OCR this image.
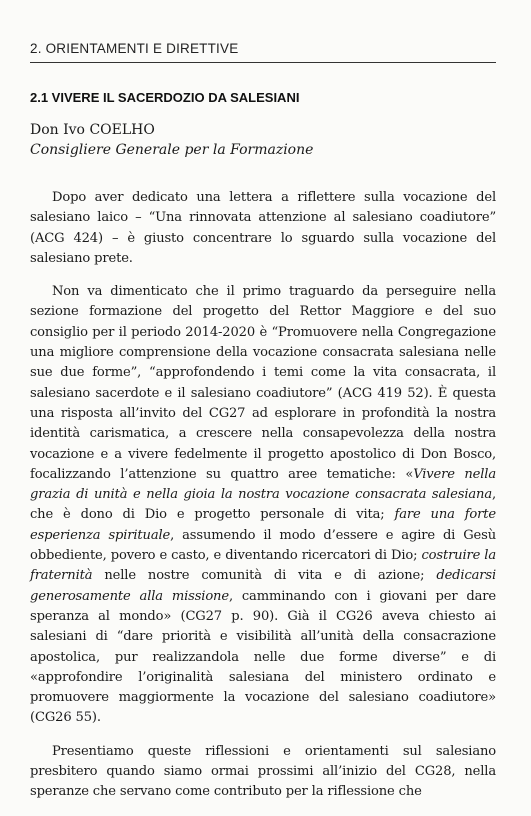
2. ORIENTAMENTI E DIRETTIVE
2.1 VIVERE IL SACERDOZIO DA SALESIANI
Don Ivo COELHO
Consigliere Generale per la Formazione

Dopo aver dedicato una lettera a riflettere sulla vocazione del salesiano laico – “Una rinnovata attenzione al salesiano coadiutore” (ACG 424) – è giusto concentrare lo sguardo sulla vocazione del salesiano prete.

Non va dimenticato che il primo traguardo da perseguire nella sezione formazione del progetto del Rettor Maggiore e del suo consiglio per il periodo 2014-2020 è “Promuovere nella Congregazione una migliore comprensione della vocazione consacrata salesiana nelle sue due forme”, “approfondendo i temi come la vita consacrata, il salesiano sacerdote e il salesiano coadiutore” (ACG 419 52). È questa una risposta all’invito del CG27 ad esplorare in profondità la nostra identità carismatica, a crescere nella consapevolezza della nostra vocazione e a vivere fedelmente il progetto apostolico di Don Bosco, focalizzando l’attenzione su quattro aree tematiche: «Vivere nella grazia di unità e nella gioia la nostra vocazione consacrata salesiana, che è dono di Dio e progetto personale di vita; fare una forte esperienza spirituale, assumendo il modo d’essere e agire di Gesù obbediente, povero e casto, e diventando ricercatori di Dio; costruire la fraternità nelle nostre comunità di vita e di azione; dedicarsi generosamente alla missione, camminando con i giovani per dare speranza al mondo» (CG27 p. 90). Già il CG26 aveva chiesto ai salesiani di “dare priorità e visibilità all’unità della consacrazione apostolica, pur realizzandola nelle due forme diverse” e di «approfondire l’originalità salesiana del ministero ordinato e promuovere maggiormente la vocazione del salesiano coadiutore» (CG26 55).

Presentiamo queste riflessioni e orientamenti sul salesiano presbitero quando siamo ormai prossimi all’inizio del CG28, nella speranze che servano come contributo per la riflessione che
